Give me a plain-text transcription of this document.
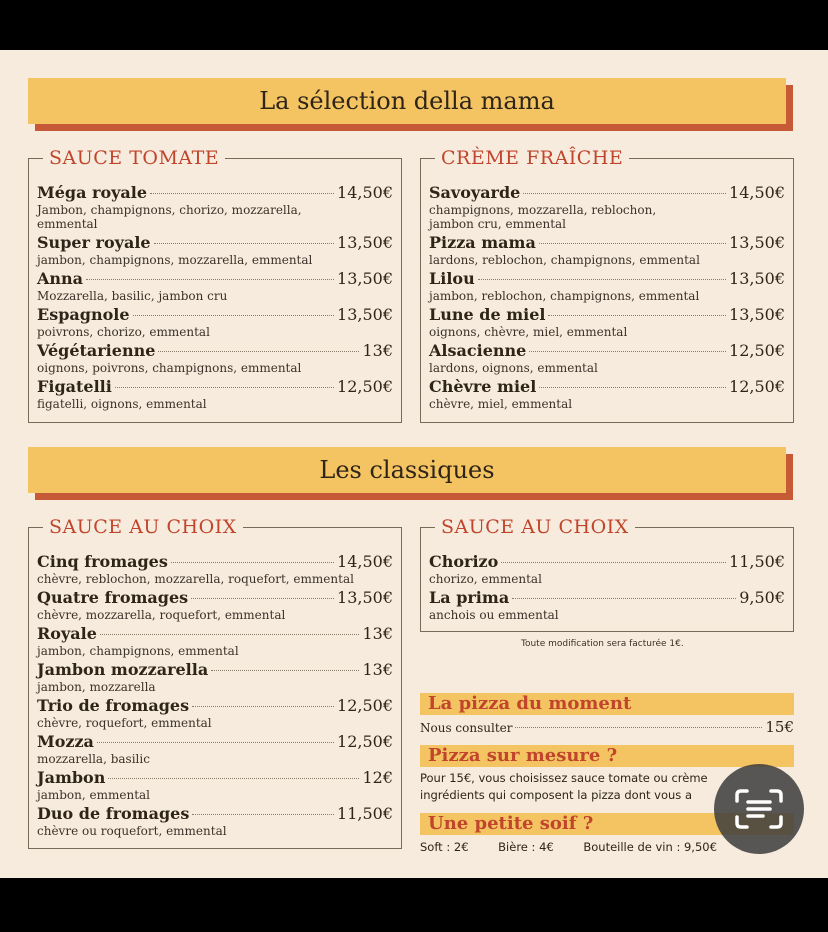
La sélection della mama
SAUCE TOMATE
Méga royale	14,50€
Jambon, champignons, chorizo, mozzarella,
emmental
Super royale	13,50€
jambon, champignons, mozzarella, emmental
Anna	13,50€
Mozzarella, basilic, jambon cru
Espagnole	13,50€
poivrons, chorizo, emmental
Végétarienne	13€
oignons, poivrons, champignons, emmental
Figatelli	12,50€
figatelli, oignons, emmental
CRÈME FRAÎCHE
Savoyarde	14,50€
champignons, mozzarella, reblochon,
jambon cru, emmental
Pizza mama	13,50€
lardons, reblochon, champignons, emmental
Lilou	13,50€
jambon, reblochon, champignons, emmental
Lune de miel	13,50€
oignons, chèvre, miel, emmental
Alsacienne	12,50€
lardons, oignons, emmental
Chèvre miel	12,50€
chèvre, miel, emmental
Les classiques
SAUCE AU CHOIX
Cinq fromages	14,50€
chèvre, reblochon, mozzarella, roquefort, emmental
Quatre fromages	13,50€
chèvre, mozzarella, roquefort, emmental
Royale	13€
jambon, champignons, emmental
Jambon mozzarella	13€
jambon, mozzarella
Trio de fromages	12,50€
chèvre, roquefort, emmental
Mozza	12,50€
mozzarella, basilic
Jambon	12€
jambon, emmental
Duo de fromages	11,50€
chèvre ou roquefort, emmental
SAUCE AU CHOIX
Chorizo	11,50€
chorizo, emmental
La prima	9,50€
anchois ou emmental
Toute modification sera facturée 1€.
La pizza du moment
Nous consulter	15€
Pizza sur mesure ?
Pour 15€, vous choisissez sauce tomate ou crème
ingrédients qui composent la pizza dont vous a
Une petite soif ?
Soft : 2€	Bière : 4€	Bouteille de vin : 9,50€
